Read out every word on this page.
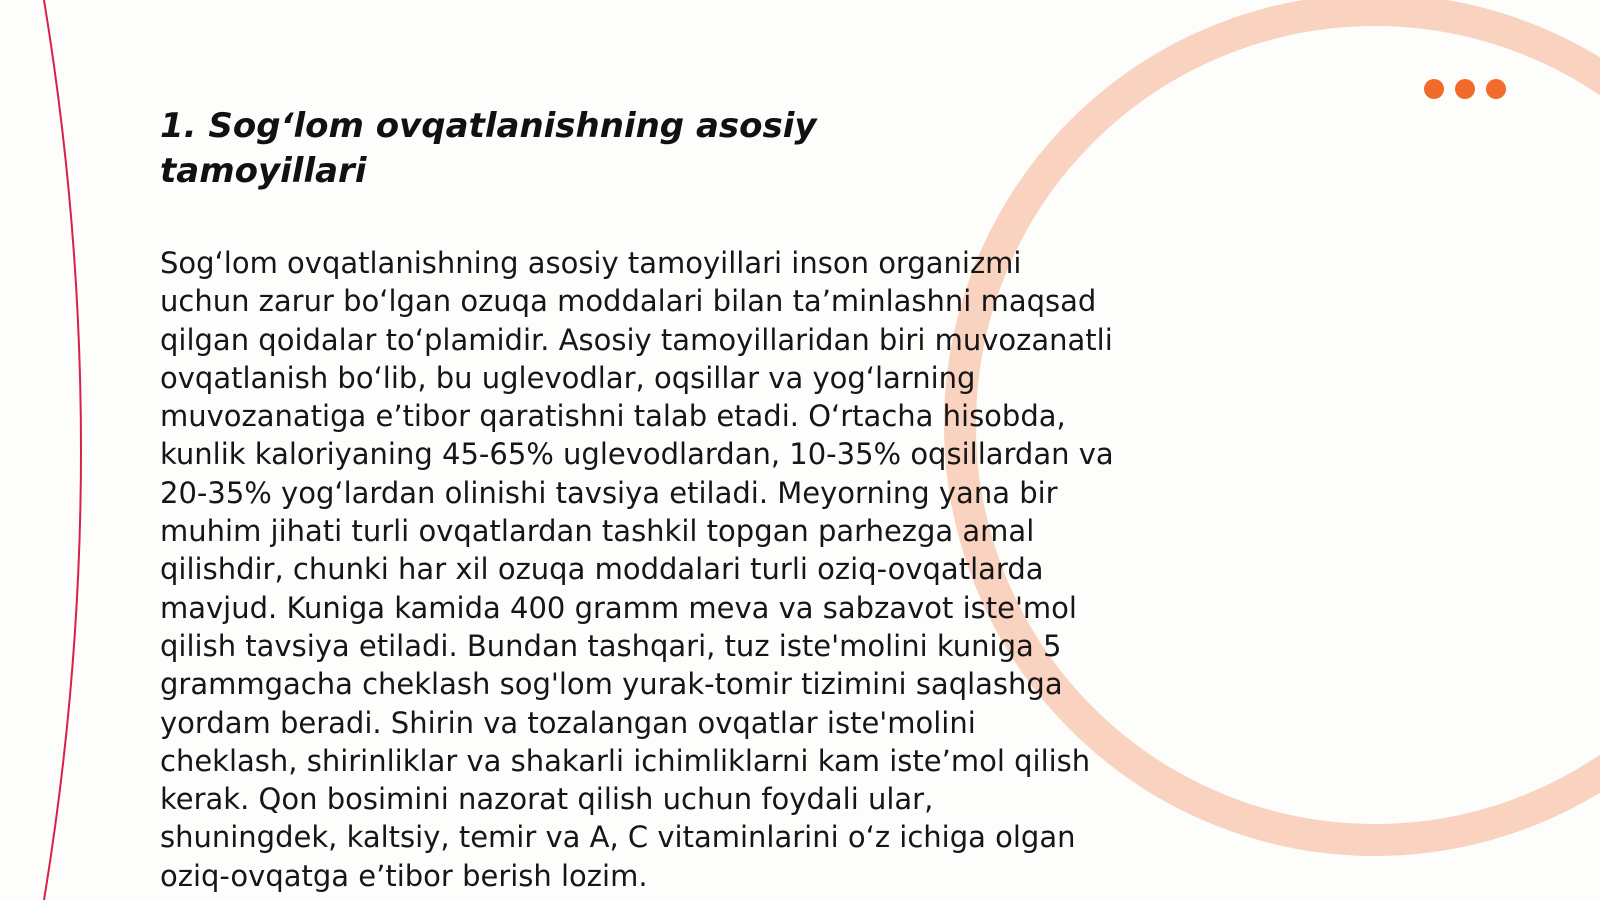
1. Sog‘lom ovqatlanishning asosiy
tamoyillari
Sog‘lom ovqatlanishning asosiy tamoyillari inson organizmi
uchun zarur bo‘lgan ozuqa moddalari bilan ta’minlashni maqsad
qilgan qoidalar to‘plamidir. Asosiy tamoyillaridan biri muvozanatli
ovqatlanish bo‘lib, bu uglevodlar, oqsillar va yog‘larning
muvozanatiga e’tibor qaratishni talab etadi. O‘rtacha hisobda,
kunlik kaloriyaning 45-65% uglevodlardan, 10-35% oqsillardan va
20-35% yog‘lardan olinishi tavsiya etiladi. Meyorning yana bir
muhim jihati turli ovqatlardan tashkil topgan parhezga amal
qilishdir, chunki har xil ozuqa moddalari turli oziq-ovqatlarda
mavjud. Kuniga kamida 400 gramm meva va sabzavot iste'mol
qilish tavsiya etiladi. Bundan tashqari, tuz iste'molini kuniga 5
grammgacha cheklash sog'lom yurak-tomir tizimini saqlashga
yordam beradi. Shirin va tozalangan ovqatlar iste'molini
cheklash, shirinliklar va shakarli ichimliklarni kam iste’mol qilish
kerak. Qon bosimini nazorat qilish uchun foydali ular,
shuningdek, kaltsiy, temir va A, C vitaminlarini o‘z ichiga olgan
oziq-ovqatga e’tibor berish lozim.
